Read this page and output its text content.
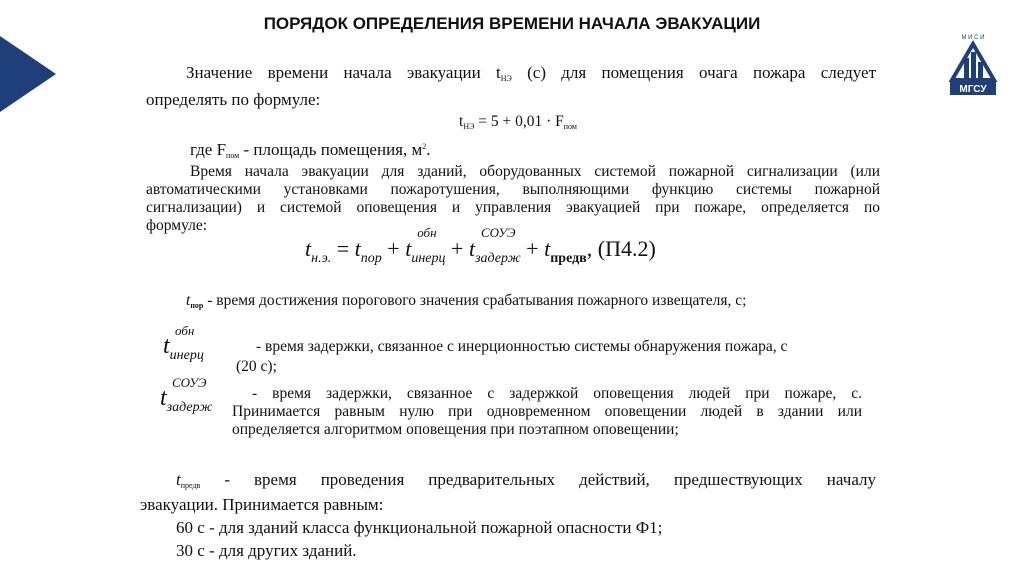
ПОРЯДОК ОПРЕДЕЛЕНИЯ ВРЕМЕНИ НАЧАЛА ЭВАКУАЦИИ
М И С И
МГСУ
Значение времени начала эвакуации tНЭ (с) для помещения очага пожара следует
определять по формуле:
tНЭ = 5 + 0,01 · Fпом
где Fпом - площадь помещения, $м^2$.
Время начала эвакуации для зданий, оборудованных системой пожарной сигнализации (или
автоматическими установками пожаротушения, выполняющими функцию системы пожарной
сигнализации) и системой оповещения и управления эвакуацией при пожаре, определяется по
формуле:
$t_{н.э.} = t_{пор} + t$
обн
$_{инерц}$ + t
СОУЭ
$_{задерж} + t_{предв}$, (П4.2)
tпор - время достижения порогового значения срабатывания пожарного извещателя, с;
t
обн
$_{инерц}$
- время задержки, связанное с инерционностью системы обнаружения пожара, с
(20 с);
t
СОУЭ
$_{задерж}$
- время задержки, связанное с задержкой оповещения людей при пожаре, с.
Принимается равным нулю при одновременном оповещении людей в здании или
определяется алгоритмом оповещения при поэтапном оповещении;
tпредв - время проведения предварительных действий, предшествующих началу
эвакуации. Принимается равным:
60 с - для зданий класса функциональной пожарной опасности Ф1;
30 с - для других зданий.
